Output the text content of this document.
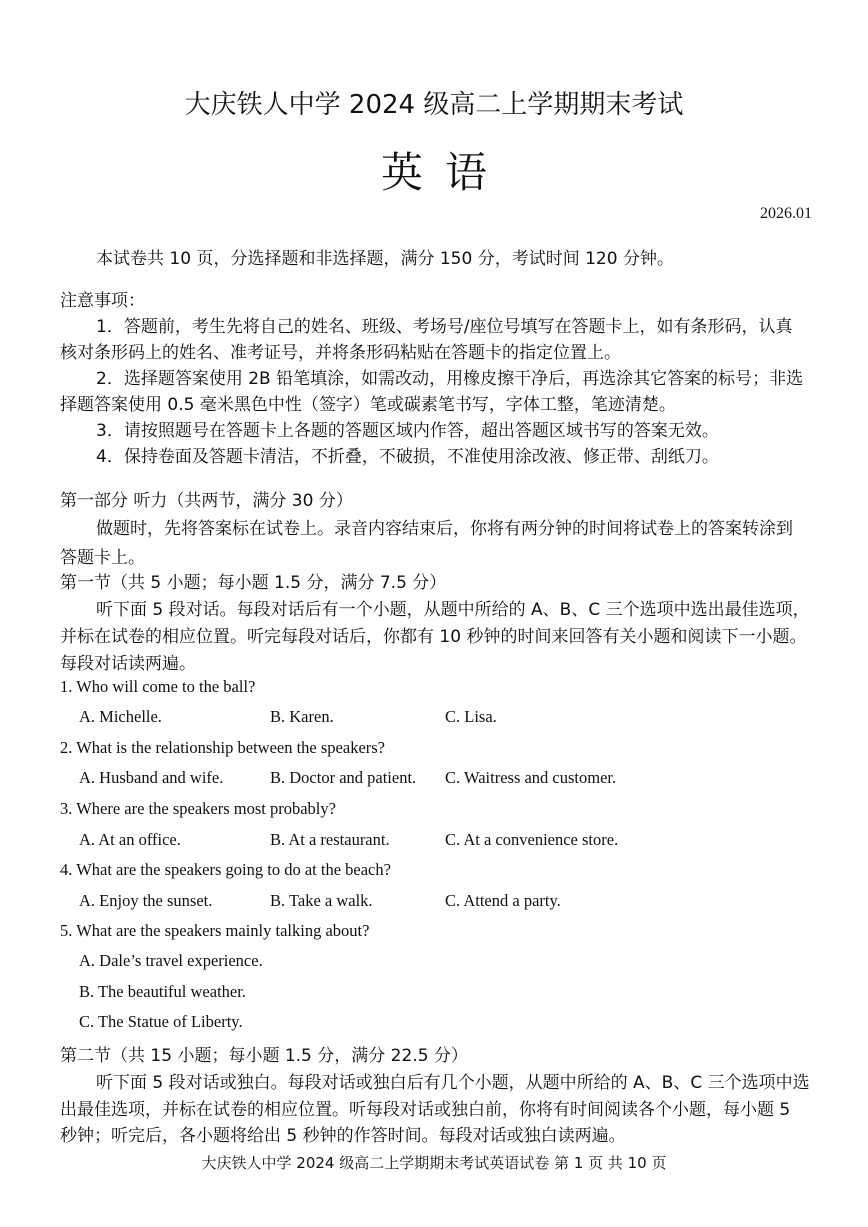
大庆铁人中学 2024 级高二上学期期末考试
英语
2026.01
本试卷共 10 页，分选择题和非选择题，满分 150 分，考试时间 120 分钟。
注意事项：
1．答题前，考生先将自己的姓名、班级、考场号/座位号填写在答题卡上，如有条形码，认真
核对条形码上的姓名、准考证号，并将条形码粘贴在答题卡的指定位置上。
2．选择题答案使用 2B 铅笔填涂，如需改动，用橡皮擦干净后，再选涂其它答案的标号；非选
择题答案使用 0.5 毫米黑色中性（签字）笔或碳素笔书写，字体工整，笔迹清楚。
3．请按照题号在答题卡上各题的答题区域内作答，超出答题区域书写的答案无效。
4．保持卷面及答题卡清洁，不折叠，不破损，不准使用涂改液、修正带、刮纸刀。
第一部分 听力（共两节，满分 30 分）
做题时，先将答案标在试卷上。录音内容结束后，你将有两分钟的时间将试卷上的答案转涂到
答题卡上。
第一节（共 5 小题；每小题 1.5 分，满分 7.5 分）
听下面 5 段对话。每段对话后有一个小题，从题中所给的 A、B、C 三个选项中选出最佳选项，
并标在试卷的相应位置。听完每段对话后，你都有 10 秒钟的时间来回答有关小题和阅读下一小题。
每段对话读两遍。
1. Who will come to the ball?
A. Michelle.	B. Karen.	C. Lisa.
2. What is the relationship between the speakers?
A. Husband and wife.	B. Doctor and patient. C. Waitress and customer.
3. Where are the speakers most probably?
A. At an office.	B. At a restaurant.	C. At a convenience store.
4. What are the speakers going to do at the beach?
A. Enjoy the sunset.	B. Take a walk.	C. Attend a party.
5. What are the speakers mainly talking about?
A. Dale’s travel experience.
B. The beautiful weather.
C. The Statue of Liberty.
第二节（共 15 小题；每小题 1.5 分，满分 22.5 分）
听下面 5 段对话或独白。每段对话或独白后有几个小题，从题中所给的 A、B、C 三个选项中选
出最佳选项，并标在试卷的相应位置。听每段对话或独白前，你将有时间阅读各个小题，每小题 5
秒钟；听完后，各小题将给出 5 秒钟的作答时间。每段对话或独白读两遍。
大庆铁人中学 2024 级高二上学期期末考试英语试卷 第 1 页 共 10 页
